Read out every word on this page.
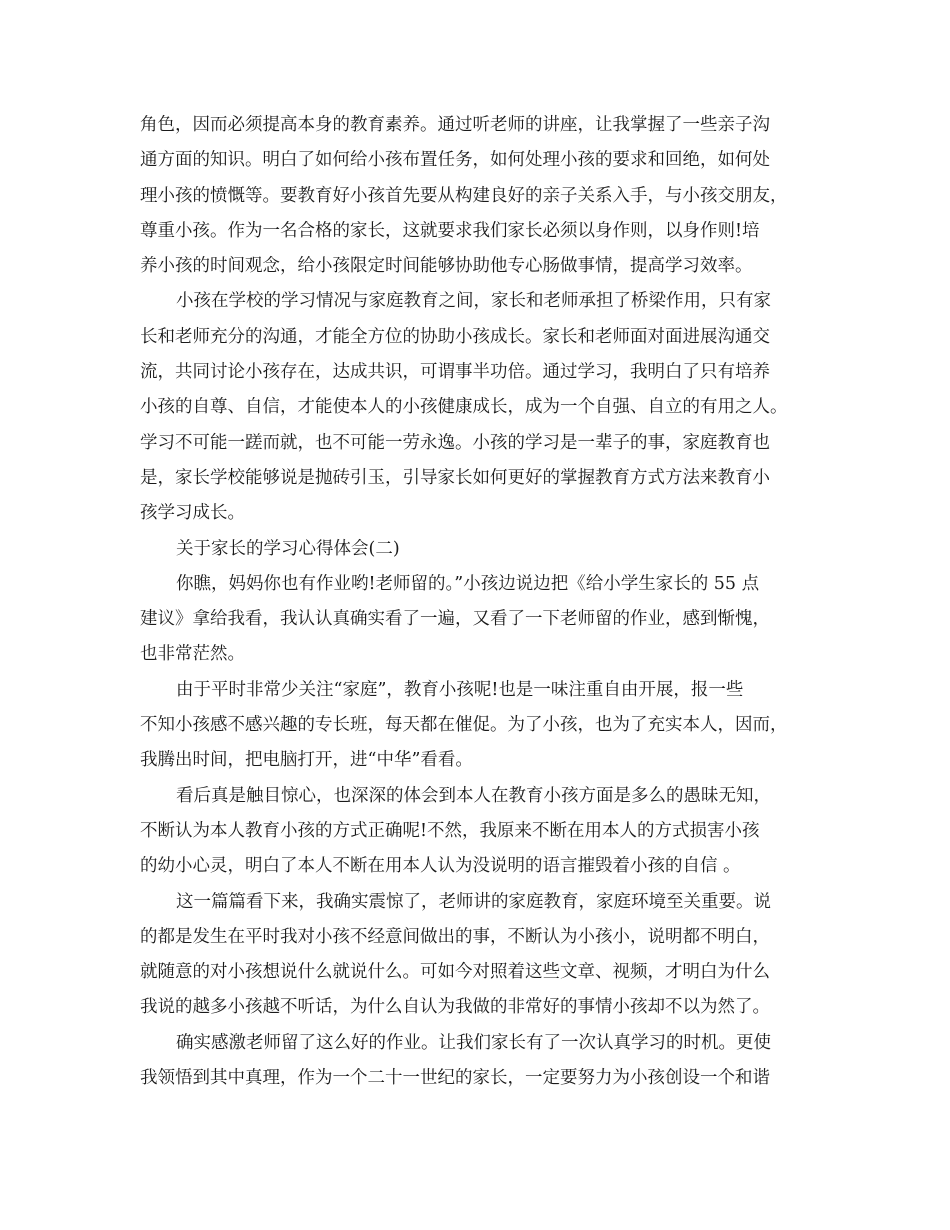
角色，因而必须提高本身的教育素养。通过听老师的讲座，让我掌握了一些亲子沟
通方面的知识。明白了如何给小孩布置任务，如何处理小孩的要求和回绝，如何处
理小孩的愤慨等。要教育好小孩首先要从构建良好的亲子关系入手，与小孩交朋友，
尊重小孩。作为一名合格的家长，这就要求我们家长必须以身作则，以身作则!培
养小孩的时间观念，给小孩限定时间能够协助他专心肠做事情，提高学习效率。
小孩在学校的学习情况与家庭教育之间，家长和老师承担了桥梁作用，只有家
长和老师充分的沟通，才能全方位的协助小孩成长。家长和老师面对面进展沟通交
流，共同讨论小孩存在，达成共识，可谓事半功倍。通过学习，我明白了只有培养
小孩的自尊、自信，才能使本人的小孩健康成长，成为一个自强、自立的有用之人。
学习不可能一蹉而就，也不可能一劳永逸。小孩的学习是一辈子的事，家庭教育也
是，家长学校能够说是抛砖引玉，引导家长如何更好的掌握教育方式方法来教育小
孩学习成长。
关于家长的学习心得体会(二)
你瞧，妈妈你也有作业哟!老师留的。”小孩边说边把《给小学生家长的 55 点
建议》拿给我看，我认认真确实看了一遍，又看了一下老师留的作业，感到惭愧，
也非常茫然。
由于平时非常少关注“家庭”，教育小孩呢!也是一味注重自由开展，报一些
不知小孩感不感兴趣的专长班，每天都在催促。为了小孩，也为了充实本人，因而，
我腾出时间，把电脑打开，进“中华”看看。
看后真是触目惊心，也深深的体会到本人在教育小孩方面是多么的愚昧无知，
不断认为本人教育小孩的方式正确呢!不然，我原来不断在用本人的方式损害小孩
的幼小心灵，明白了本人不断在用本人认为没说明的语言摧毁着小孩的自信 。
这一篇篇看下来，我确实震惊了，老师讲的家庭教育，家庭环境至关重要。说
的都是发生在平时我对小孩不经意间做出的事，不断认为小孩小，说明都不明白，
就随意的对小孩想说什么就说什么。可如今对照着这些文章、视频，才明白为什么
我说的越多小孩越不听话，为什么自认为我做的非常好的事情小孩却不以为然了。
确实感激老师留了这么好的作业。让我们家长有了一次认真学习的时机。更使
我领悟到其中真理，作为一个二十一世纪的家长，一定要努力为小孩创设一个和谐
